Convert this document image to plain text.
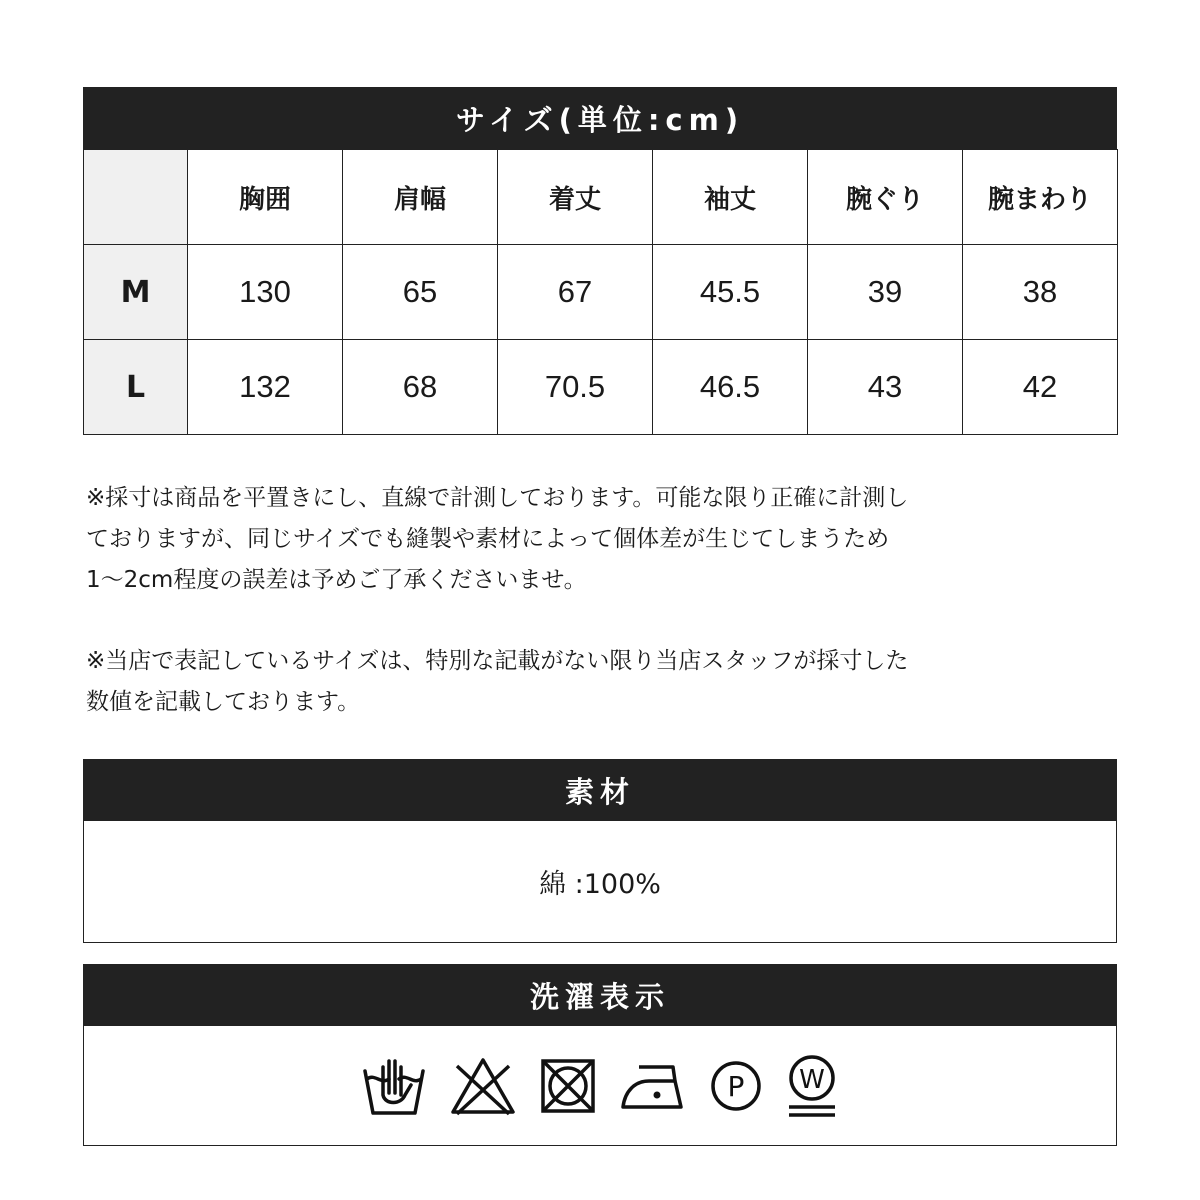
サイズ(単位:cm)
	胸囲	肩幅	着丈	袖丈	腕ぐり	腕まわり
M	130	65	67	45.5	39	38
L	132	68	70.5	46.5	43	42
※採寸は商品を平置きにし、直線で計測しております。可能な限り正確に計測し
ておりますが、同じサイズでも縫製や素材によって個体差が生じてしまうため
1～2cm程度の誤差は予めご了承くださいませ。
※当店で表記しているサイズは、特別な記載がない限り当店スタッフが採寸した
数値を記載しております。
素材
綿 :100%
洗濯表示
P W
